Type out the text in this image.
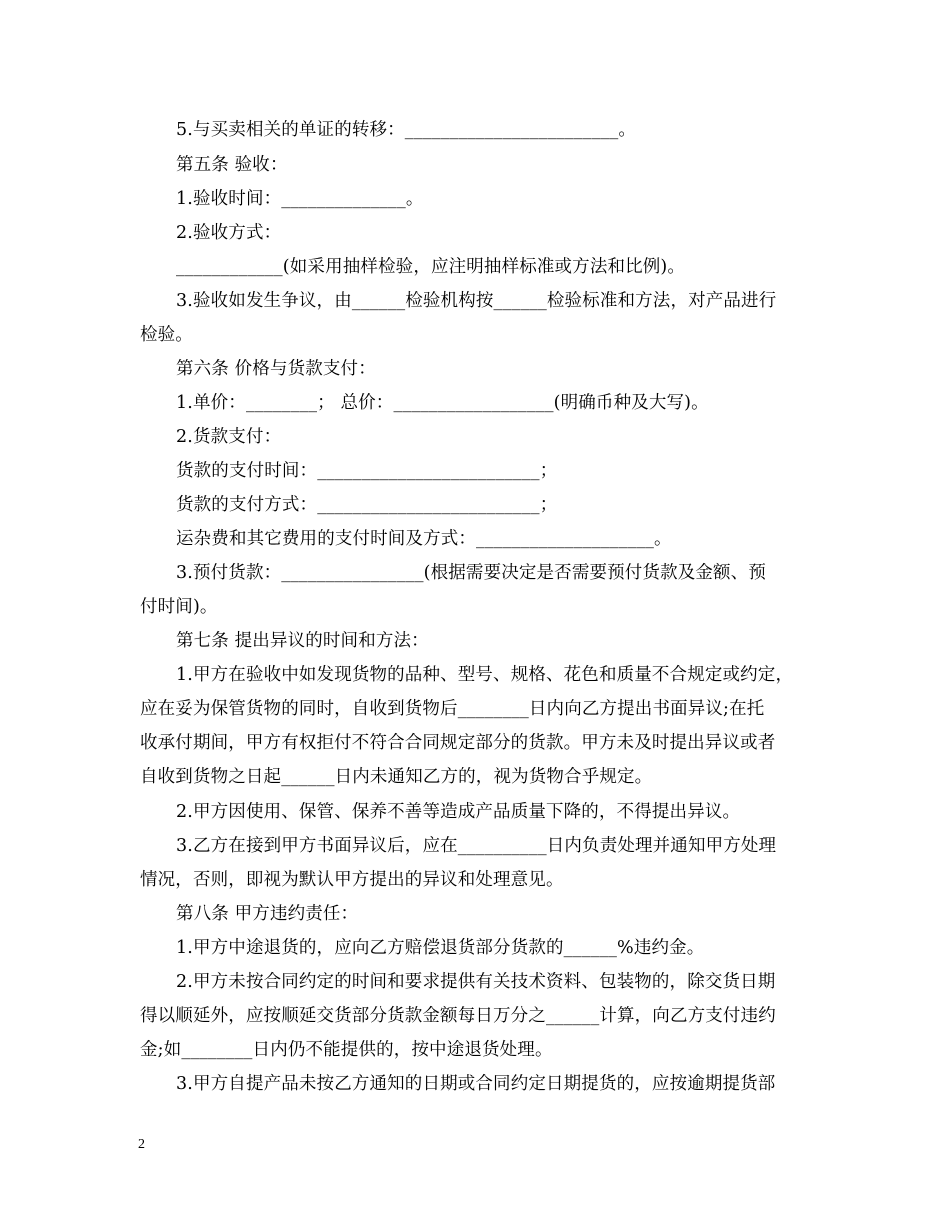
5.与买卖相关的单证的转移：________________________。
第五条 验收：
1.验收时间：______________。
2.验收方式：
____________(如采用抽样检验，应注明抽样标准或方法和比例)。
3.验收如发生争议，由______检验机构按______检验标准和方法，对产品进行
检验。
第六条 价格与货款支付：
1.单价：________； 总价：__________________(明确币种及大写)。
2.货款支付：
货款的支付时间：_________________________；
货款的支付方式：_________________________；
运杂费和其它费用的支付时间及方式：____________________。
3.预付货款：________________(根据需要决定是否需要预付货款及金额、预
付时间)。
第七条 提出异议的时间和方法：
1.甲方在验收中如发现货物的品种、型号、规格、花色和质量不合规定或约定，
应在妥为保管货物的同时，自收到货物后________日内向乙方提出书面异议;在托
收承付期间，甲方有权拒付不符合合同规定部分的货款。甲方未及时提出异议或者
自收到货物之日起______日内未通知乙方的，视为货物合乎规定。
2.甲方因使用、保管、保养不善等造成产品质量下降的，不得提出异议。
3.乙方在接到甲方书面异议后，应在__________日内负责处理并通知甲方处理
情况，否则，即视为默认甲方提出的异议和处理意见。
第八条 甲方违约责任：
1.甲方中途退货的，应向乙方赔偿退货部分货款的______%违约金。
2.甲方未按合同约定的时间和要求提供有关技术资料、包装物的，除交货日期
得以顺延外，应按顺延交货部分货款金额每日万分之______计算，向乙方支付违约
金;如________日内仍不能提供的，按中途退货处理。
3.甲方自提产品未按乙方通知的日期或合同约定日期提货的，应按逾期提货部
2
